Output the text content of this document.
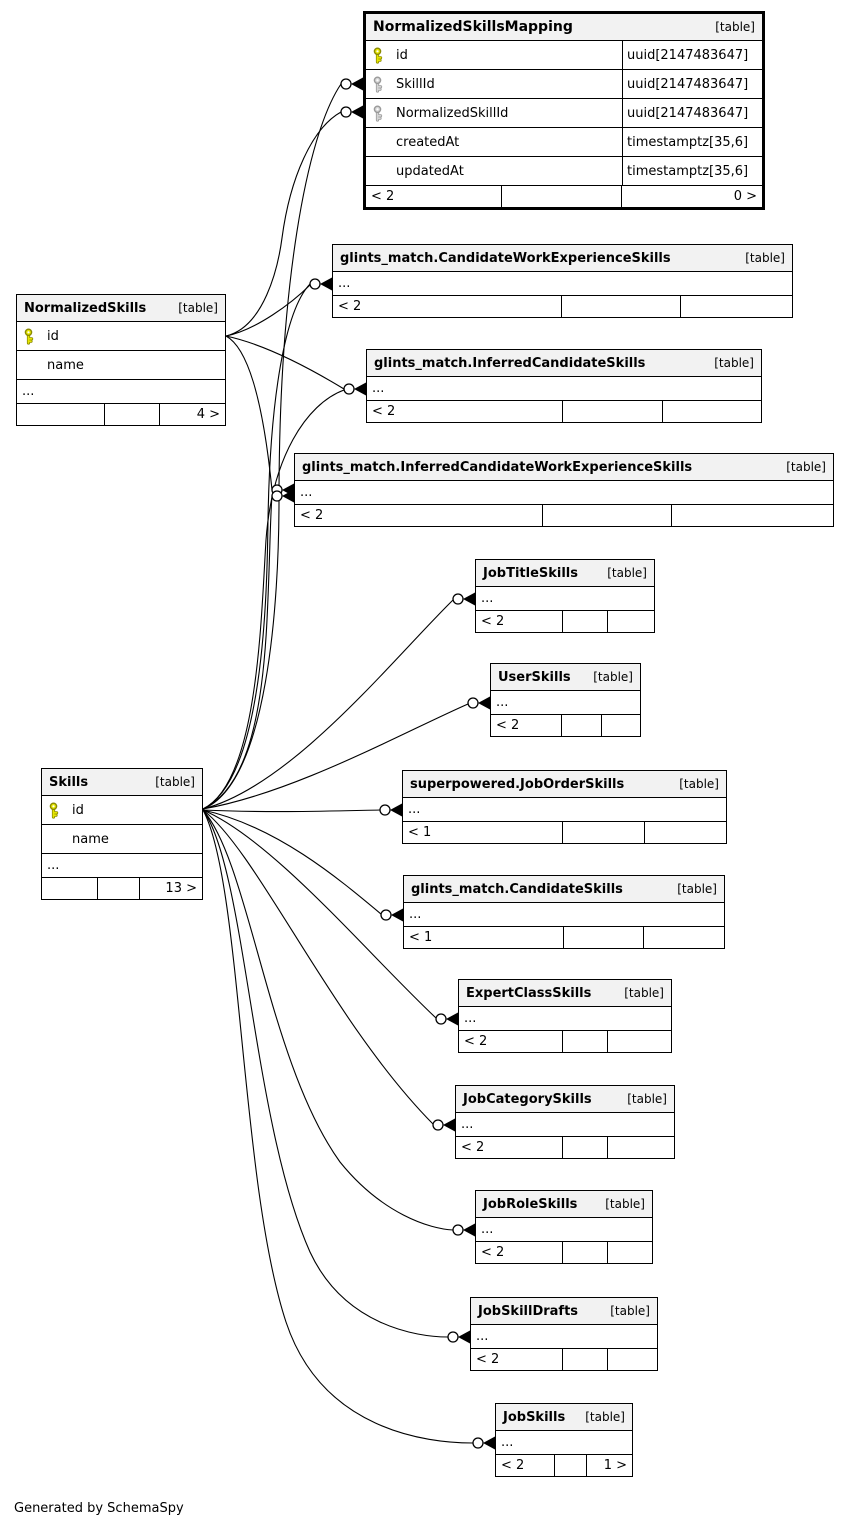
Generated by SchemaSpy
NormalizedSkillsMapping	[table]
id	uuid[2147483647]
SkillId	uuid[2147483647]
NormalizedSkillId	uuid[2147483647]
createdAt	timestamptz[35,6]
updatedAt	timestamptz[35,6]
< 2	0 >
NormalizedSkills	[table]
id
name
...
4 >
Skills	[table]
id
name
...
13 >
glints_match.CandidateWorkExperienceSkills	[table]
...
< 2
glints_match.InferredCandidateSkills	[table]
...
< 2
glints_match.InferredCandidateWorkExperienceSkills	[table]
...
< 2
JobTitleSkills [table]
...
< 2
UserSkills [table]
...
< 2
superpowered.JobOrderSkills	[table]
...
< 1
glints_match.CandidateSkills	[table]
...
< 1
ExpertClassSkills	[table]
...
< 2
JobCategorySkills	[table]
...
< 2
JobRoleSkills [table]
...
< 2
JobSkillDrafts	[table]
...
< 2
JobSkills [table]
...
< 2	1 >
